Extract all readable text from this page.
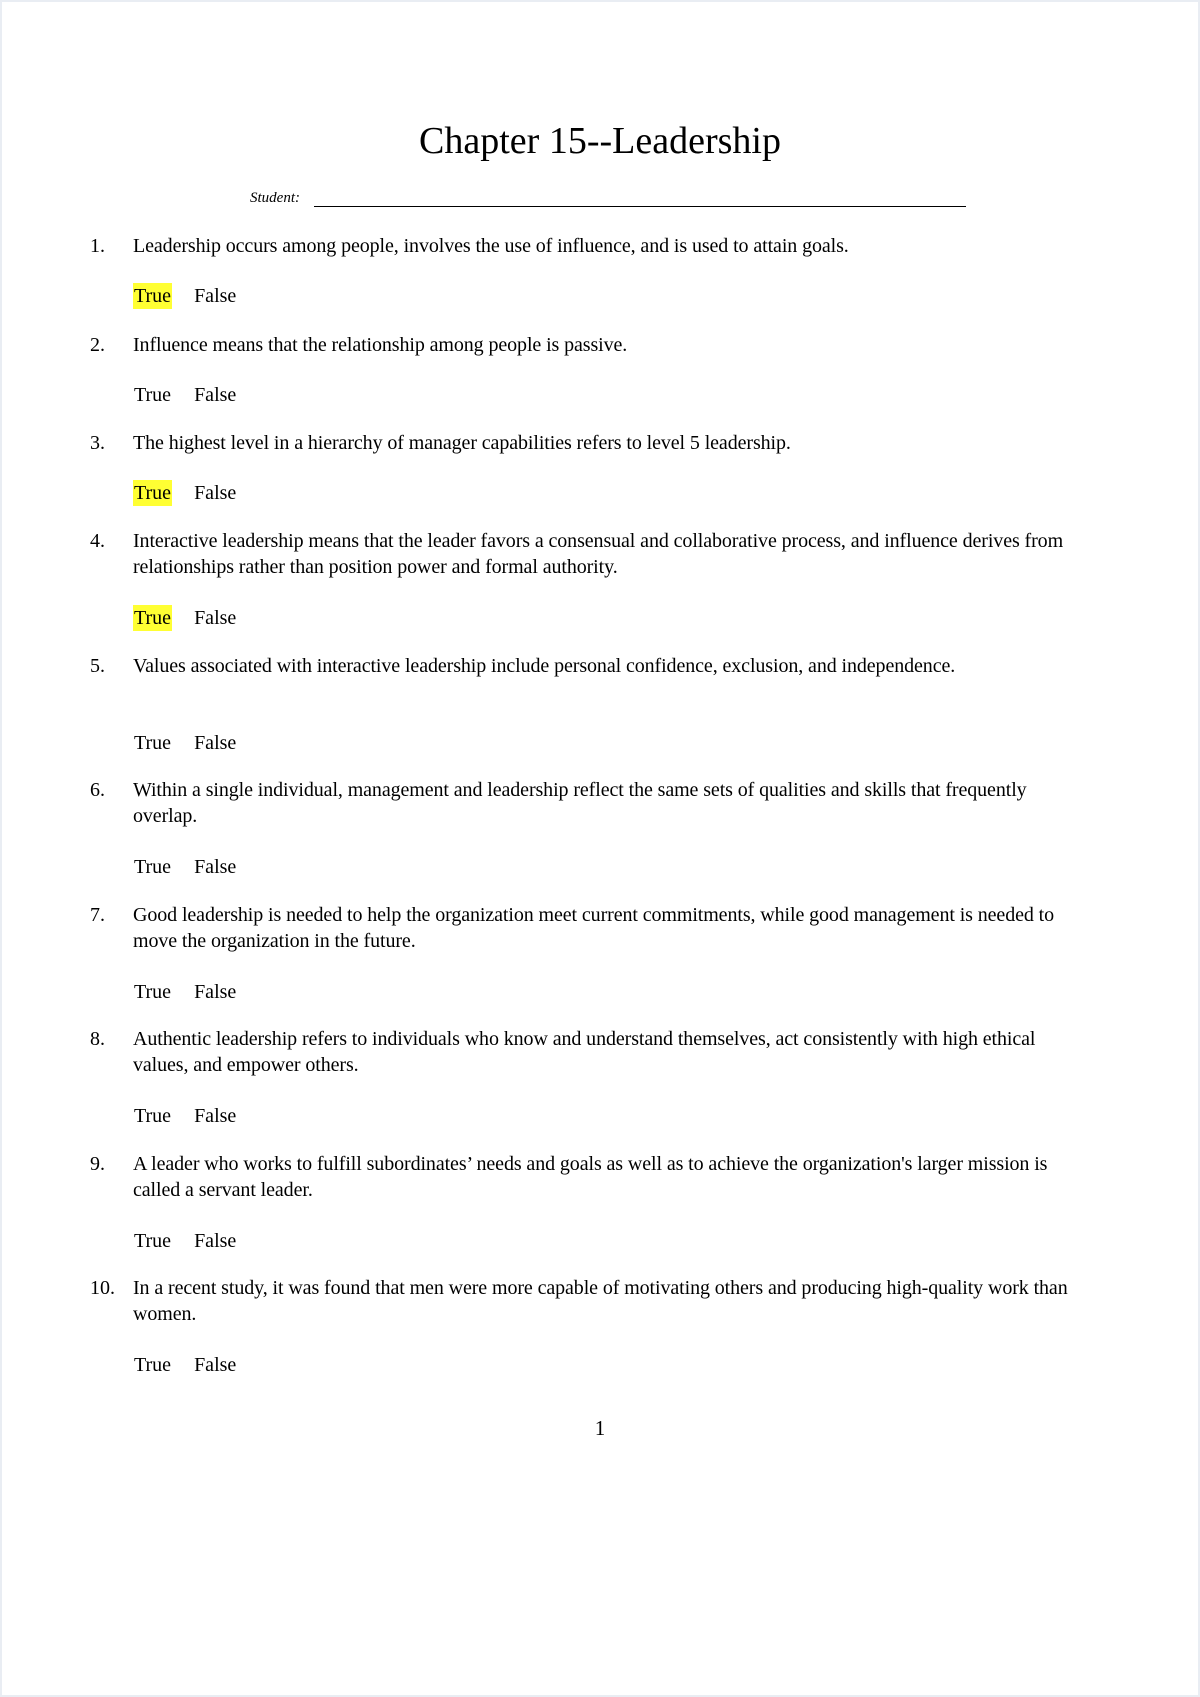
Chapter 15--Leadership
Student:
1.	Leadership occurs among people, involves the use of influence, and is used to attain goals.
True False
2.	Influence means that the relationship among people is passive.
True False
3.	The highest level in a hierarchy of manager capabilities refers to level 5 leadership.
True False
4.	Interactive leadership means that the leader favors a consensual and collaborative process, and influence derives from relationships rather than position power and formal authority.
True False
5.	Values associated with interactive leadership include personal confidence, exclusion, and independence.
True False
6.	Within a single individual, management and leadership reflect the same sets of qualities and skills that frequently overlap.
True False
7.	Good leadership is needed to help the organization meet current commitments, while good management is needed to move the organization in the future.
True False
8.	Authentic leadership refers to individuals who know and understand themselves, act consistently with high ethical values, and empower others.
True False
9.	A leader who works to fulfill subordinates’ needs and goals as well as to achieve the organization's larger mission is called a servant leader.
True False
10. In a recent study, it was found that men were more capable of motivating others and producing high-quality work than women.
True False
1
